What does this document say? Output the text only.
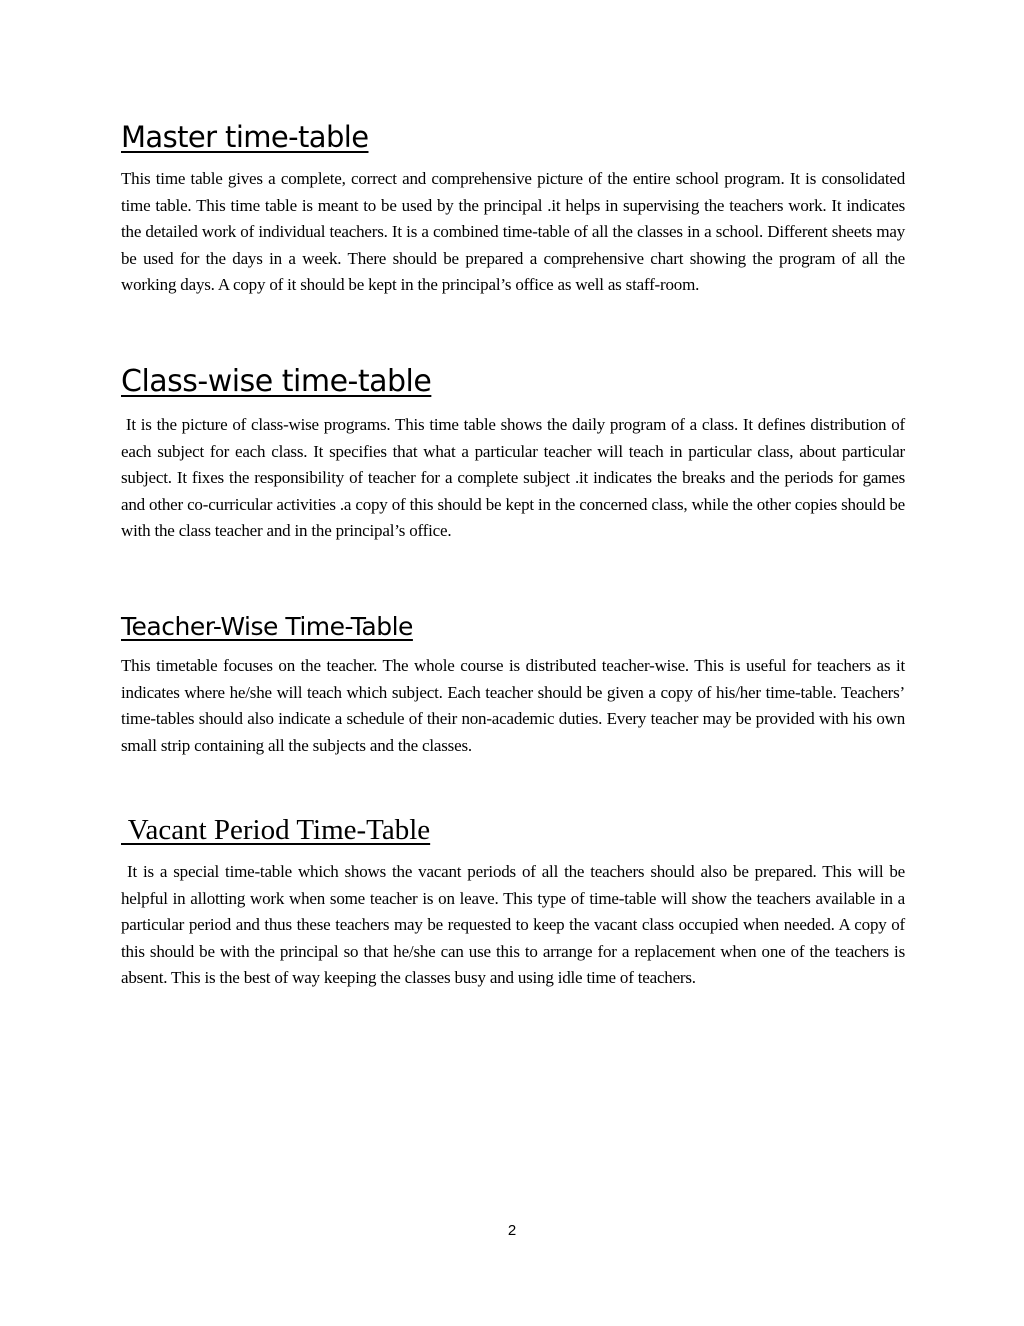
Master time-table

This time table gives a complete, correct and comprehensive picture of the entire school program. It is consolidated time table. This time table is meant to be used by the principal .it helps in supervising the teachers work. It indicates the detailed work of individual teachers. It is a combined time-table of all the classes in a school. Different sheets may be used for the days in a week. There should be prepared a comprehensive chart showing the program of all the working days. A copy of it should be kept in the principal’s office as well as staff-room.

Class-wise time-table

It is the picture of class-wise programs. This time table shows the daily program of a class. It defines distribution of each subject for each class. It specifies that what a particular teacher will teach in particular class, about particular subject. It fixes the responsibility of teacher for a complete subject .it indicates the breaks and the periods for games and other co-curricular activities .a copy of this should be kept in the concerned class, while the other copies should be with the class teacher and in the principal’s office.

Teacher-Wise Time-Table

This timetable focuses on the teacher. The whole course is distributed teacher-wise. This is useful for teachers as it indicates where he/she will teach which subject. Each teacher should be given a copy of his/her time-table. Teachers’ time-tables should also indicate a schedule of their non-academic duties. Every teacher may be provided with his own small strip containing all the subjects and the classes.

Vacant Period Time-Table

It is a special time-table which shows the vacant periods of all the teachers should also be prepared. This will be helpful in allotting work when some teacher is on leave. This type of time-table will show the teachers available in a particular period and thus these teachers may be requested to keep the vacant class occupied when needed. A copy of this should be with the principal so that he/she can use this to arrange for a replacement when one of the teachers is absent. This is the best of way keeping the classes busy and using idle time of teachers.

2
